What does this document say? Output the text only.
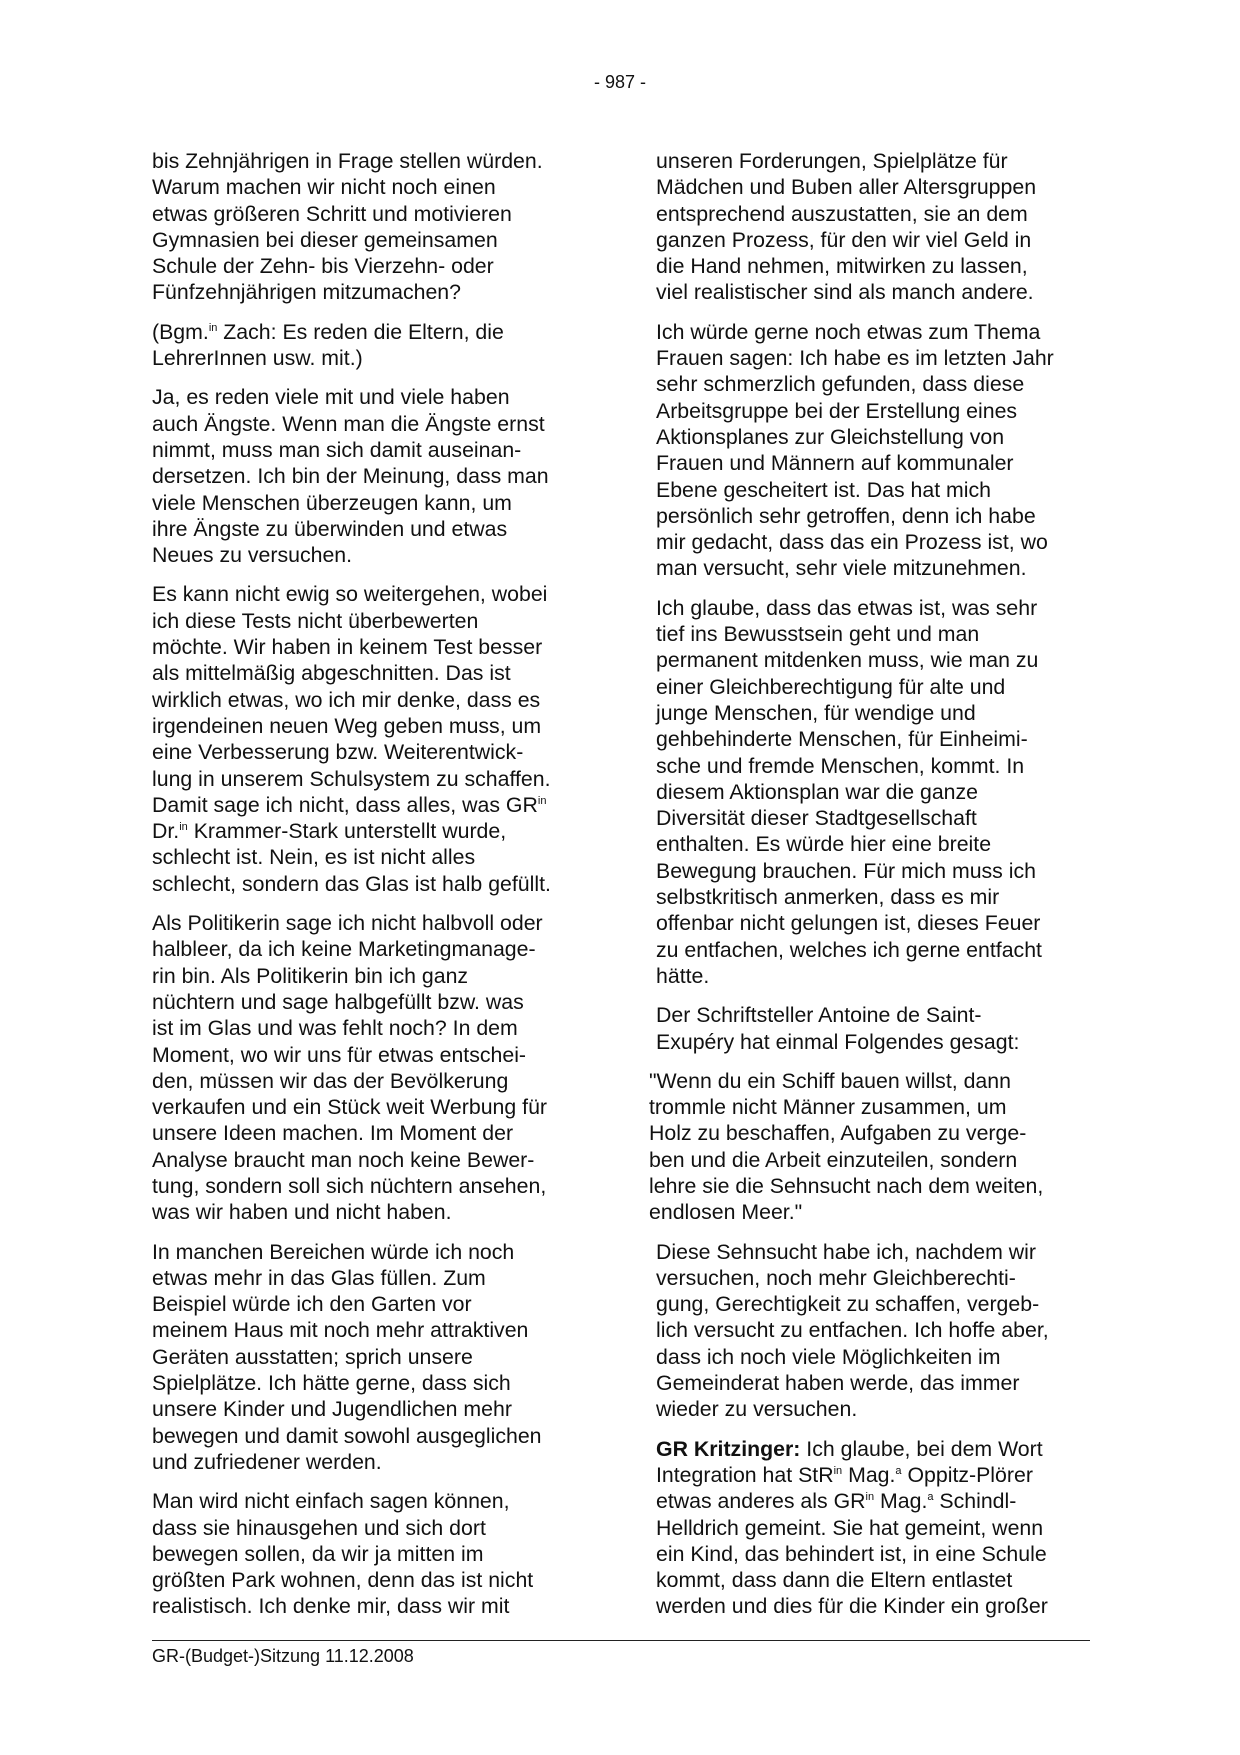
- 987 -

bis Zehnjährigen in Frage stellen würden.
Warum machen wir nicht noch einen
etwas größeren Schritt und motivieren
Gymnasien bei dieser gemeinsamen
Schule der Zehn- bis Vierzehn- oder
Fünfzehnjährigen mitzumachen?

(Bgm.$^{in}$ Zach: Es reden die Eltern, die
LehrerInnen usw. mit.)

Ja, es reden viele mit und viele haben
auch Ängste. Wenn man die Ängste ernst
nimmt, muss man sich damit auseinan-
dersetzen. Ich bin der Meinung, dass man
viele Menschen überzeugen kann, um
ihre Ängste zu überwinden und etwas
Neues zu versuchen.

Es kann nicht ewig so weitergehen, wobei
ich diese Tests nicht überbewerten
möchte. Wir haben in keinem Test besser
als mittelmäßig abgeschnitten. Das ist
wirklich etwas, wo ich mir denke, dass es
irgendeinen neuen Weg geben muss, um
eine Verbesserung bzw. Weiterentwick-
lung in unserem Schulsystem zu schaffen.
Damit sage ich nicht, dass alles, was $GR^{in}$
Dr.$^{in}$ Krammer-Stark unterstellt wurde,
schlecht ist. Nein, es ist nicht alles
schlecht, sondern das Glas ist halb gefüllt.

Als Politikerin sage ich nicht halbvoll oder
halbleer, da ich keine Marketingmanage-
rin bin. Als Politikerin bin ich ganz
nüchtern und sage halbgefüllt bzw. was
ist im Glas und was fehlt noch? In dem
Moment, wo wir uns für etwas entschei-
den, müssen wir das der Bevölkerung
verkaufen und ein Stück weit Werbung für
unsere Ideen machen. Im Moment der
Analyse braucht man noch keine Bewer-
tung, sondern soll sich nüchtern ansehen,
was wir haben und nicht haben.

In manchen Bereichen würde ich noch
etwas mehr in das Glas füllen. Zum
Beispiel würde ich den Garten vor
meinem Haus mit noch mehr attraktiven
Geräten ausstatten; sprich unsere
Spielplätze. Ich hätte gerne, dass sich
unsere Kinder und Jugendlichen mehr
bewegen und damit sowohl ausgeglichen
und zufriedener werden.

Man wird nicht einfach sagen können,
dass sie hinausgehen und sich dort
bewegen sollen, da wir ja mitten im
größten Park wohnen, denn das ist nicht
realistisch. Ich denke mir, dass wir mit

unseren Forderungen, Spielplätze für
Mädchen und Buben aller Altersgruppen
entsprechend auszustatten, sie an dem
ganzen Prozess, für den wir viel Geld in
die Hand nehmen, mitwirken zu lassen,
viel realistischer sind als manch andere.

Ich würde gerne noch etwas zum Thema
Frauen sagen: Ich habe es im letzten Jahr
sehr schmerzlich gefunden, dass diese
Arbeitsgruppe bei der Erstellung eines
Aktionsplanes zur Gleichstellung von
Frauen und Männern auf kommunaler
Ebene gescheitert ist. Das hat mich
persönlich sehr getroffen, denn ich habe
mir gedacht, dass das ein Prozess ist, wo
man versucht, sehr viele mitzunehmen.

Ich glaube, dass das etwas ist, was sehr
tief ins Bewusstsein geht und man
permanent mitdenken muss, wie man zu
einer Gleichberechtigung für alte und
junge Menschen, für wendige und
gehbehinderte Menschen, für Einheimi-
sche und fremde Menschen, kommt. In
diesem Aktionsplan war die ganze
Diversität dieser Stadtgesellschaft
enthalten. Es würde hier eine breite
Bewegung brauchen. Für mich muss ich
selbstkritisch anmerken, dass es mir
offenbar nicht gelungen ist, dieses Feuer
zu entfachen, welches ich gerne entfacht
hätte.

Der Schriftsteller Antoine de Saint-
Exupéry hat einmal Folgendes gesagt:

"Wenn du ein Schiff bauen willst, dann
trommle nicht Männer zusammen, um
Holz zu beschaffen, Aufgaben zu verge-
ben und die Arbeit einzuteilen, sondern
lehre sie die Sehnsucht nach dem weiten,
endlosen Meer."

Diese Sehnsucht habe ich, nachdem wir
versuchen, noch mehr Gleichberechti-
gung, Gerechtigkeit zu schaffen, vergeb-
lich versucht zu entfachen. Ich hoffe aber,
dass ich noch viele Möglichkeiten im
Gemeinderat haben werde, das immer
wieder zu versuchen.

GR Kritzinger: Ich glaube, bei dem Wort
Integration hat StR$^{in}$ Mag.$^a$ Oppitz-Plörer
etwas anderes als $GR^{in}$ Mag.$^a$ Schindl-
Helldrich gemeint. Sie hat gemeint, wenn
ein Kind, das behindert ist, in eine Schule
kommt, dass dann die Eltern entlastet
werden und dies für die Kinder ein großer

GR-(Budget-)Sitzung 11.12.2008
